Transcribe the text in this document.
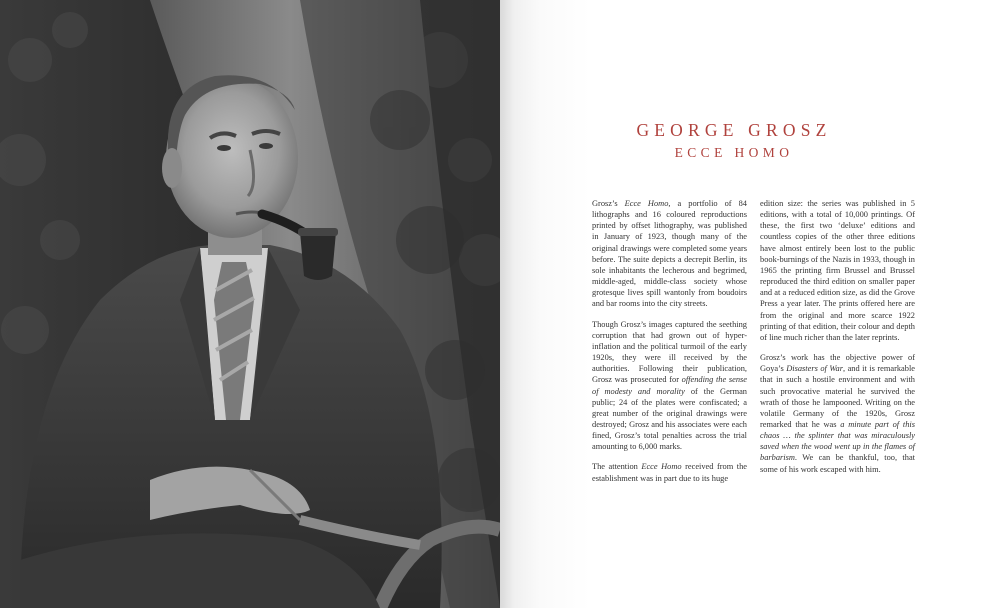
GEORGE GROSZ
ECCE HOMO

Grosz’s Ecce Homo, a portfolio of 84 lithographs and 16 coloured reproductions printed by offset lithography, was published in January of 1923, though many of the original drawings were completed some years before. The suite depicts a decrepit Berlin, its sole inhabitants the lecherous and begrimed, middle-aged, middle-class society whose grotesque lives spill wantonly from boudoirs and bar rooms into the city streets.

Though Grosz’s images captured the seething corruption that had grown out of hyper-inflation and the political turmoil of the early 1920s, they were ill received by the authorities. Following their publication, Grosz was prosecuted for offending the sense of modesty and morality of the German public; 24 of the plates were confiscated; a great number of the original drawings were destroyed; Grosz and his associates were each fined, Grosz’s total penalties across the trial amounting to 6,000 marks.

The attention Ecce Homo received from the establishment was in part due to its huge

edition size: the series was published in 5 editions, with a total of 10,000 printings. Of these, the first two ‘deluxe’ editions and countless copies of the other three editions have almost entirely been lost to the public book-burnings of the Nazis in 1933, though in 1965 the printing firm Brussel and Brussel reproduced the third edition on smaller paper and at a reduced edition size, as did the Grove Press a year later. The prints offered here are from the original and more scarce 1922 printing of that edition, their colour and depth of line much richer than the later reprints.

Grosz’s work has the objective power of Goya’s Disasters of War, and it is remarkable that in such a hostile environment and with such provocative material he survived the wrath of those he lampooned. Writing on the volatile Germany of the 1920s, Grosz remarked that he was a minute part of this chaos … the splinter that was miraculously saved when the wood went up in the flames of barbarism. We can be thankful, too, that some of his work escaped with him.
